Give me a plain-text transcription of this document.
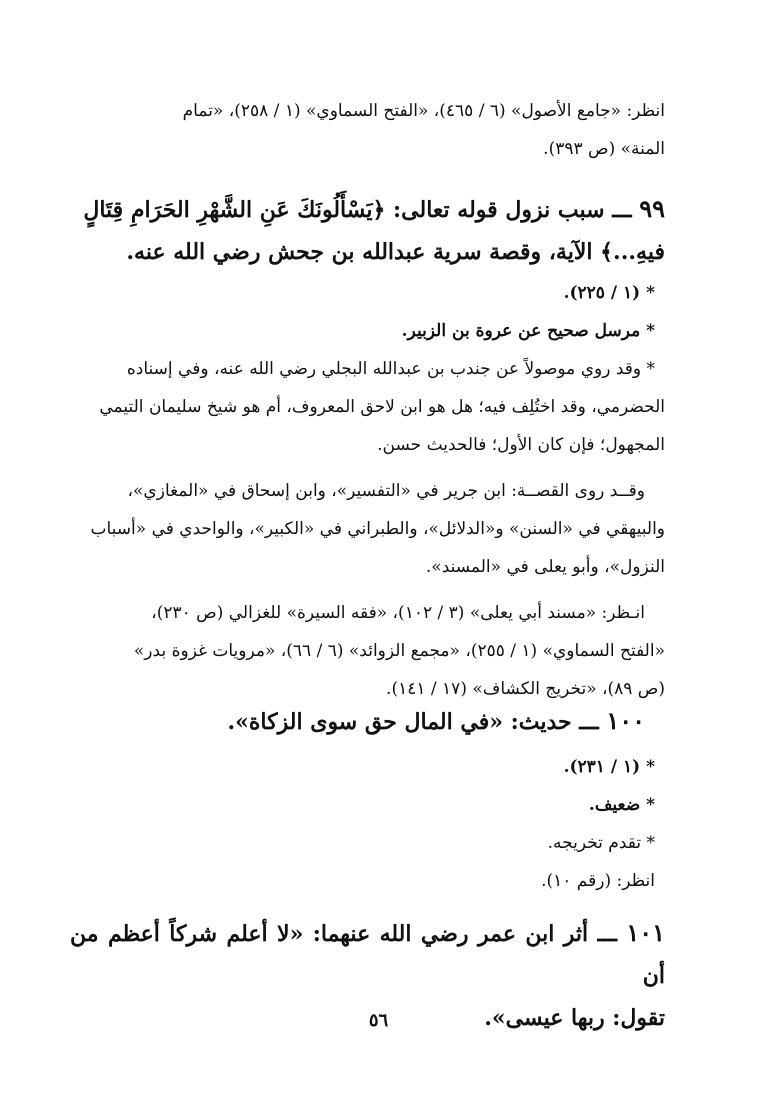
انظر: «جامع الأصول» (٦ / ٤٦٥)، «الفتح السماوي» (١ / ٢٥٨)، «تمام
المنة» (ص ٣٩٣).
٩٩ ـــ سبب نزول قوله تعالى: ﴿يَسْأَلُونَكَ عَنِ الشَّهْرِ الحَرَامِ قِتَالٍ
فيهِ...﴾ الآية، وقصة سرية عبدالله بن جحش رضي الله عنه.
* (١ / ٢٢٥).
* مرسل صحيح عن عروة بن الزبير.
* وقد روي موصولاً عن جندب بن عبدالله البجلي رضي الله عنه، وفي إسناده
الحضرمي، وقد اختُلِف فيه؛ هل هو ابن لاحق المعروف، أم هو شيخ سليمان التيمي
المجهول؛ فإن كان الأول؛ فالحديث حسن.
وقــد روى القصــة: ابن جرير في «التفسير»، وابن إسحاق في «المغازي»،
والبيهقي في «السنن» و«الدلائل»، والطبراني في «الكبير»، والواحدي في «أسباب
النزول»، وأبو يعلى في «المسند».
انـظر: «مسند أبي يعلى» (٣ / ١٠٢)، «فقه السيرة» للغزالي (ص ٢٣٠)،
«الفتح السماوي» (١ / ٢٥٥)، «مجمع الزوائد» (٦ / ٦٦)، «مرويات غزوة بدر»
(ص ٨٩)، «تخريج الكشاف» (١٧ / ١٤١).
١٠٠ ـــ حديث: «في المال حق سوى الزكاة».
* (١ / ٢٣١).
* ضعيف.
* تقدم تخريجه.
انظر: (رقم ١٠).
١٠١ ـــ أثر ابن عمر رضي الله عنهما: «لا أعلم شركاً أعظم من أن
تقول: ربها عيسى».
٥٦
